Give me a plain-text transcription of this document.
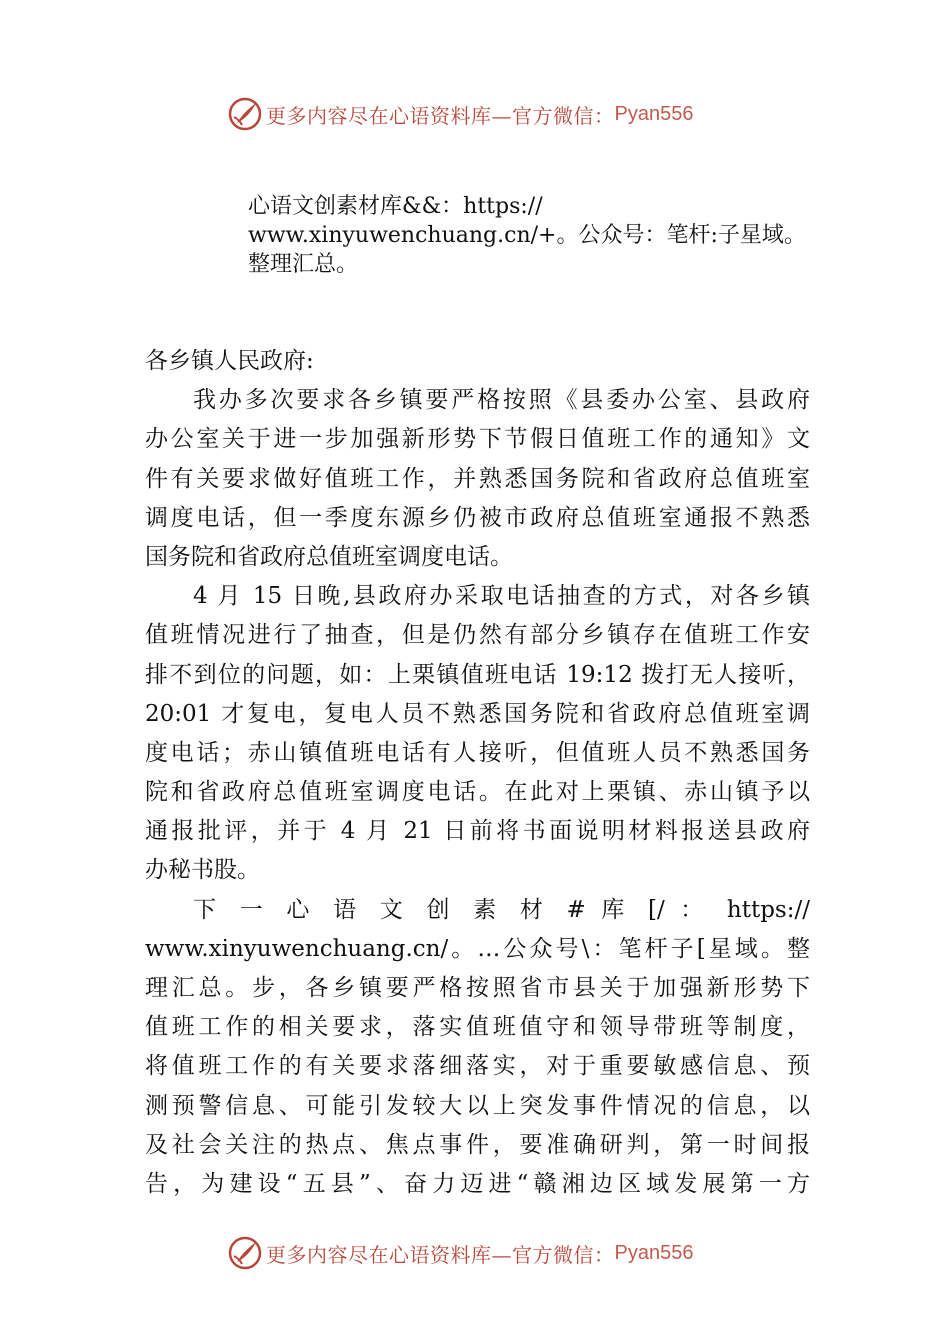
更多内容尽在心语资料库—官方微信： Pyan556
心语文创素材库&&：https://
www.xinyuwenchuang.cn/+。公众号：笔杆:子星域。
整理汇总。
各乡镇人民政府:
我办多次要求各乡镇要严格按照《县委办公室、县政府
办公室关于进一步加强新形势下节假日值班工作的通知》文
件有关要求做好值班工作，并熟悉国务院和省政府总值班室
调度电话，但一季度东源乡仍被市政府总值班室通报不熟悉
国务院和省政府总值班室调度电话。
4 月 15 日晚,县政府办采取电话抽查的方式，对各乡镇
值班情况进行了抽查，但是仍然有部分乡镇存在值班工作安
排不到位的问题，如：上栗镇值班电话 19:12 拨打无人接听，
20:01 才复电，复电人员不熟悉国务院和省政府总值班室调
度电话；赤山镇值班电话有人接听，但值班人员不熟悉国务
院和省政府总值班室调度电话。在此对上栗镇、赤山镇予以
通报批评，并于 4 月 21 日前将书面说明材料报送县政府
办秘书股。
下 一 心 语 文 创 素 材 # 库 [/ ： https://
www.xinyuwenchuang.cn/。…公众号\：笔杆子[星域。整
理汇总。步，各乡镇要严格按照省市县关于加强新形势下
值班工作的相关要求，落实值班值守和领导带班等制度，
将值班工作的有关要求落细落实，对于重要敏感信息、预
测预警信息、可能引发较大以上突发事件情况的信息，以
及社会关注的热点、焦点事件，要准确研判，第一时间报
告，为建设“五县”、奋力迈进“赣湘边区域发展第一方
更多内容尽在心语资料库—官方微信： Pyan556
